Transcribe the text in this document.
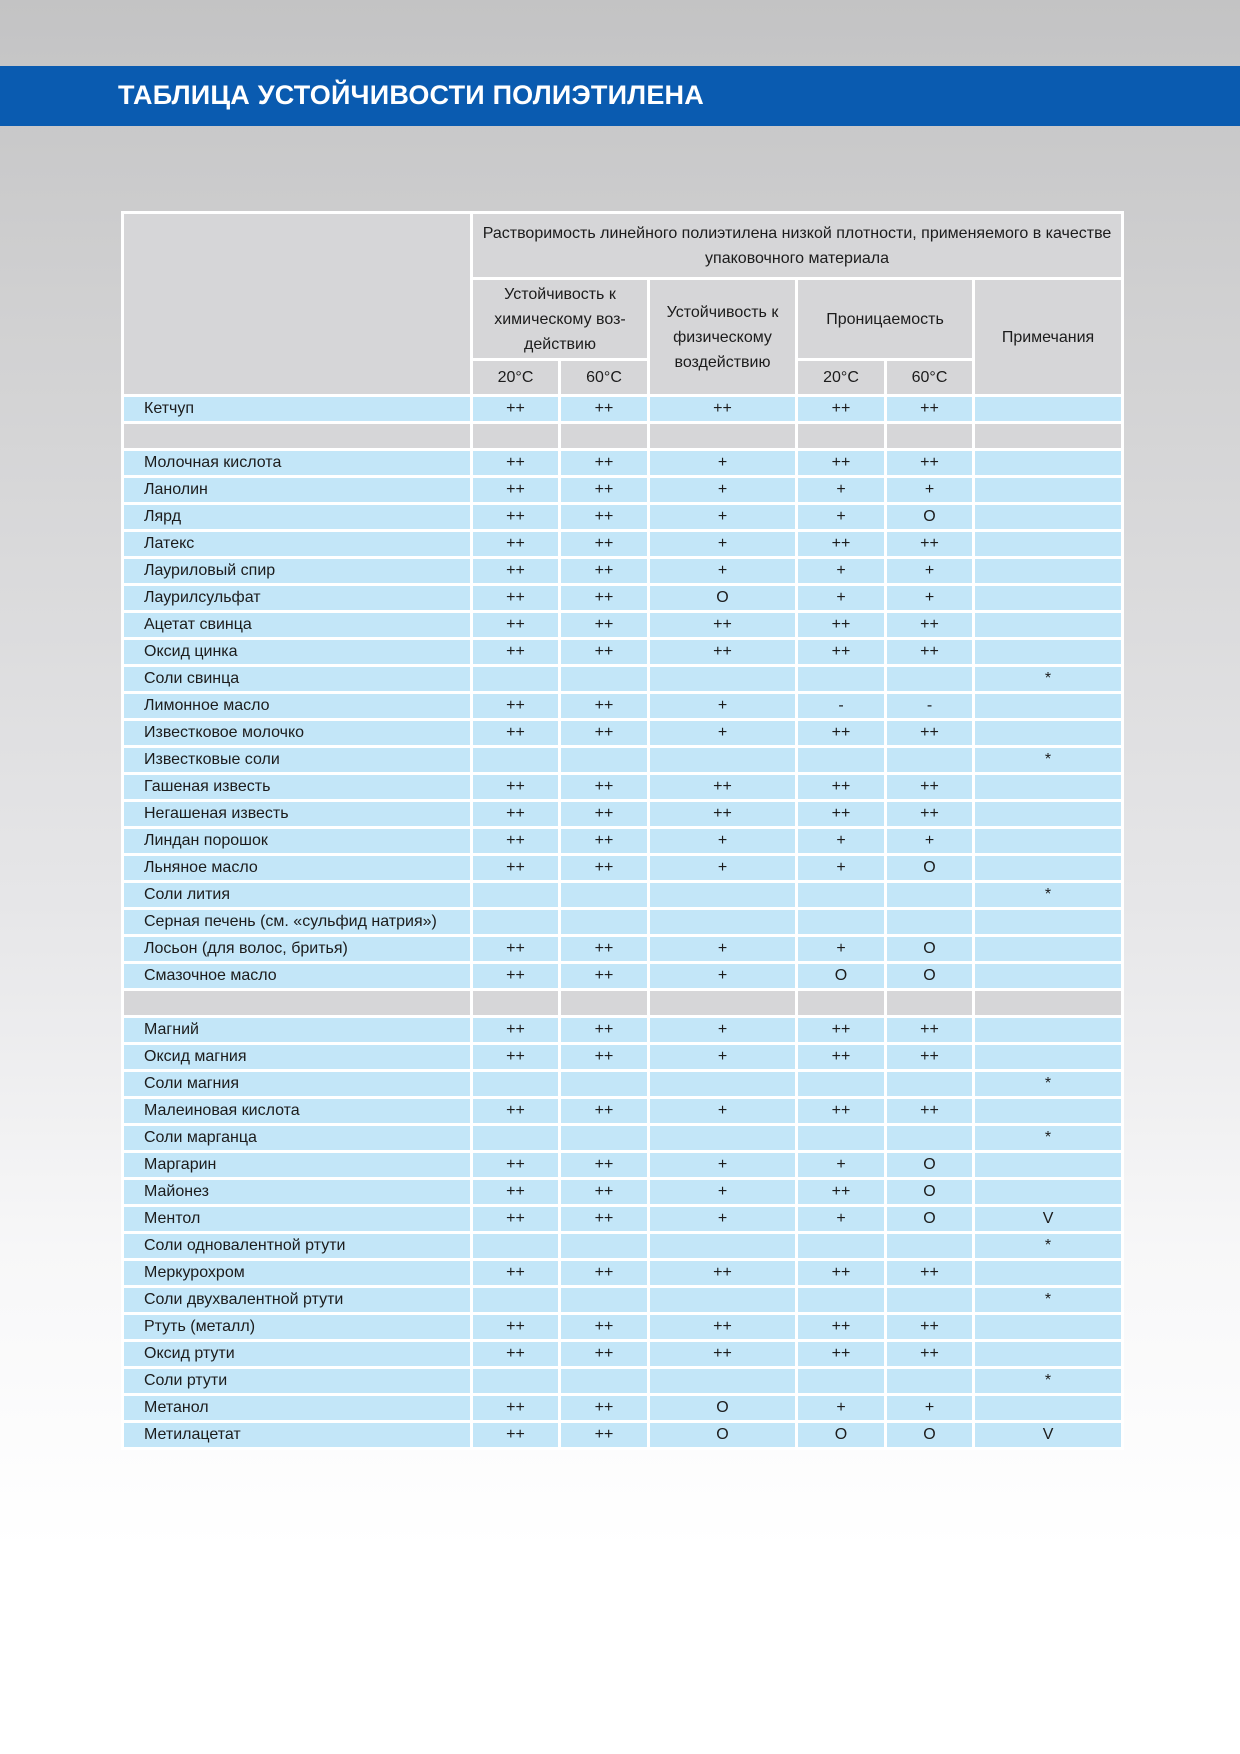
ТАБЛИЦА УСТОЙЧИВОСТИ ПОЛИЭТИЛЕНА
	Растворимость линейного полиэтилена низкой плотности, применяемого в качестве упаковочного материала					
	Устойчивость к химическому воз- действию		Устойчивость к физическому воздействию	Проницаемость		Примечания
	20°C	60°C		20°C	60°C	
Кетчуп	++	++	++	++	++	

Молочная кислота	++	++	+	++	++	
Ланолин	++	++	+	+	+	
Лярд	++	++	+	+	O	
Латекс	++	++	+	++	++	
Лауриловый спир	++	++	+	+	+	
Лаурилсульфат	++	++	O	+	+	
Ацетат свинца	++	++	++	++	++	
Оксид цинка	++	++	++	++	++	
Соли свинца						*
Лимонное масло	++	++	+	-	-	
Известковое молочко	++	++	+	++	++	
Известковые соли						*
Гашеная известь	++	++	++	++	++	
Негашеная известь	++	++	++	++	++	
Линдан порошок	++	++	+	+	+	
Льняное масло	++	++	+	+	O	
Соли лития						*
Серная печень (см. «сульфид натрия»)						
Лосьон (для волос, бритья)	++	++	+	+	O	
Смазочное масло	++	++	+	O	O	

Магний	++	++	+	++	++	
Оксид магния	++	++	+	++	++	
Соли магния						*
Малеиновая кислота	++	++	+	++	++	
Соли марганца						*
Маргарин	++	++	+	+	O	
Майонез	++	++	+	++	O	
Ментол	++	++	+	+	O	V
Соли одновалентной ртути						*
Меркурохром	++	++	++	++	++	
Соли двухвалентной ртути						*
Ртуть (металл)	++	++	++	++	++	
Оксид ртути	++	++	++	++	++	
Соли ртути						*
Метанол	++	++	O	+	+	
Метилацетат	++	++	O	O	O	V
